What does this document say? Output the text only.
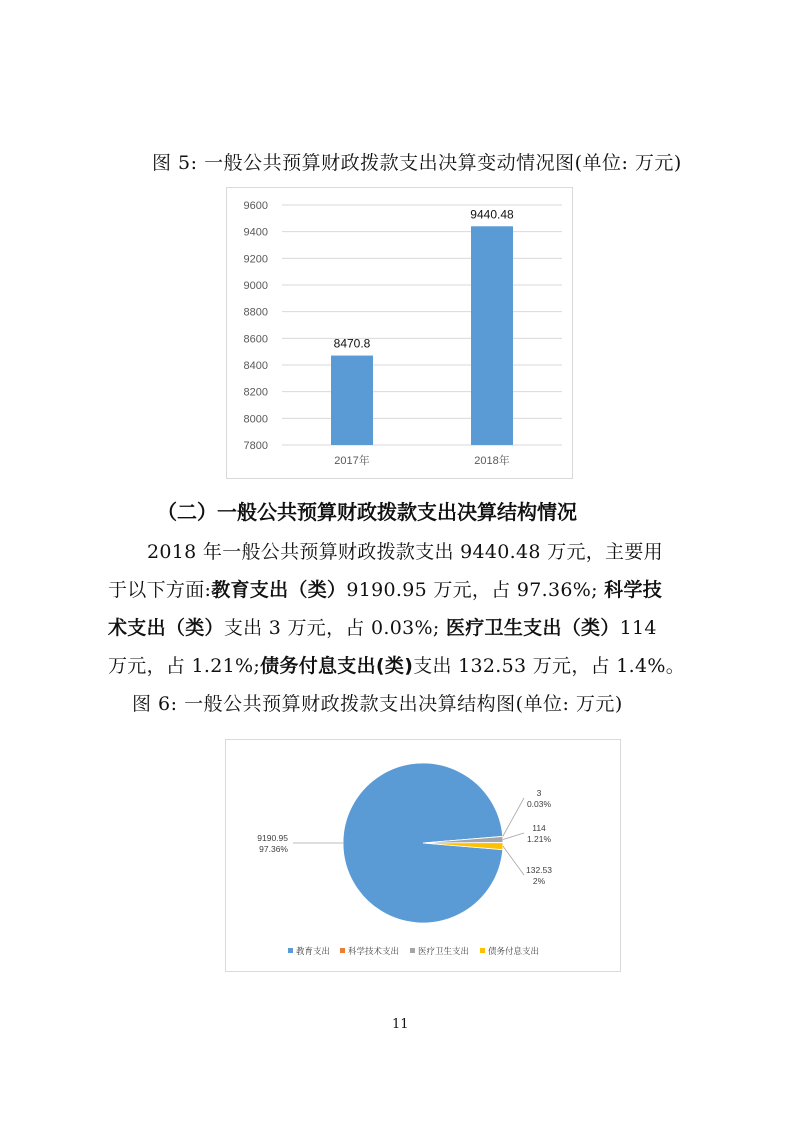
图 5: 一般公共预算财政拨款支出决算变动情况图(单位: 万元)
7800
8000
8200
8400
8600
8800
9000
9200
9400
9600
8470.8
2017年
9440.48
2018年
（二）一般公共预算财政拨款支出决算结构情况
2018 年一般公共预算财政拨款支出 9440.48 万元，主要用
于以下方面:教育支出（类）9190.95 万元，占 97.36%; 科学技
术支出（类）支出 3 万元，占 0.03%; 医疗卫生支出（类）114
万元，占 1.21%;债务付息支出(类)支出 132.53 万元，占 1.4%。
图 6: 一般公共预算财政拨款支出决算结构图(单位: 万元)
9190.95
97.36%
3
0.03%
114
1.21%
132.53
2%
教育支出 科学技术支出 医疗卫生支出 债务付息支出
11
